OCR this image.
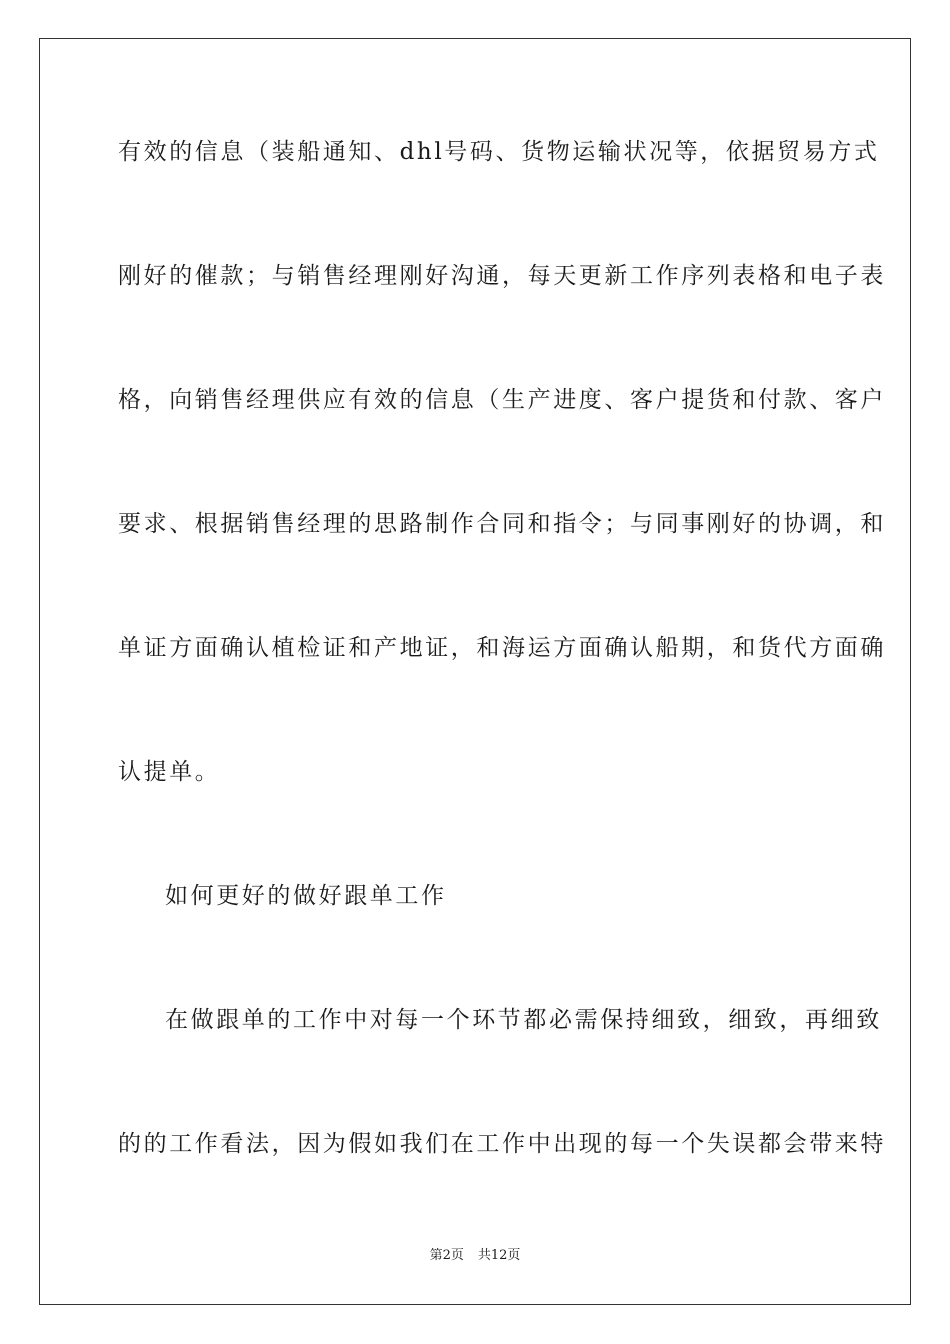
有效的信息（装船通知、dhl号码、货物运输状况等，依据贸易方式
刚好的催款；与销售经理刚好沟通，每天更新工作序列表格和电子表
格，向销售经理供应有效的信息（生产进度、客户提货和付款、客户
要求、根据销售经理的思路制作合同和指令；与同事刚好的协调，和
单证方面确认植检证和产地证，和海运方面确认船期，和货代方面确
认提单。
如何更好的做好跟单工作
在做跟单的工作中对每一个环节都必需保持细致，细致，再细致
的的工作看法，因为假如我们在工作中出现的每一个失误都会带来特
第2页 共12页
